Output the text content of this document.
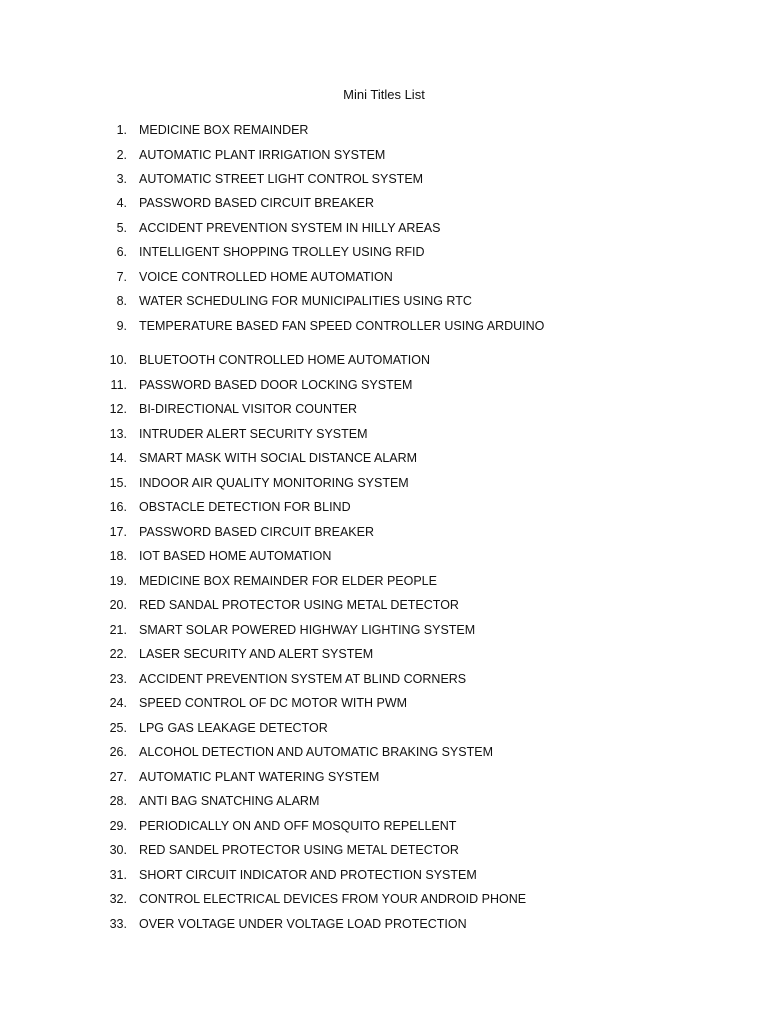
Mini Titles List
1. MEDICINE BOX REMAINDER
2. AUTOMATIC PLANT IRRIGATION SYSTEM
3. AUTOMATIC STREET LIGHT CONTROL SYSTEM
4. PASSWORD BASED CIRCUIT BREAKER
5. ACCIDENT PREVENTION SYSTEM IN HILLY AREAS
6. INTELLIGENT SHOPPING TROLLEY USING RFID
7. VOICE CONTROLLED HOME AUTOMATION
8. WATER SCHEDULING FOR MUNICIPALITIES USING RTC
9. TEMPERATURE BASED FAN SPEED CONTROLLER USING ARDUINO
10. BLUETOOTH CONTROLLED HOME AUTOMATION
11. PASSWORD BASED DOOR LOCKING SYSTEM
12. BI-DIRECTIONAL VISITOR COUNTER
13. INTRUDER ALERT SECURITY SYSTEM
14. SMART MASK WITH SOCIAL DISTANCE ALARM
15. INDOOR AIR QUALITY MONITORING SYSTEM
16. OBSTACLE DETECTION FOR BLIND
17. PASSWORD BASED CIRCUIT BREAKER
18. IOT BASED HOME AUTOMATION
19. MEDICINE BOX REMAINDER FOR ELDER PEOPLE
20. RED SANDAL PROTECTOR USING METAL DETECTOR
21. SMART SOLAR POWERED HIGHWAY LIGHTING SYSTEM
22. LASER SECURITY AND ALERT SYSTEM
23. ACCIDENT PREVENTION SYSTEM AT BLIND CORNERS
24. SPEED CONTROL OF DC MOTOR WITH PWM
25. LPG GAS LEAKAGE DETECTOR
26. ALCOHOL DETECTION AND AUTOMATIC BRAKING SYSTEM
27. AUTOMATIC PLANT WATERING SYSTEM
28. ANTI BAG SNATCHING ALARM
29. PERIODICALLY ON AND OFF MOSQUITO REPELLENT
30. RED SANDEL PROTECTOR USING METAL DETECTOR
31. SHORT CIRCUIT INDICATOR AND PROTECTION SYSTEM
32. CONTROL ELECTRICAL DEVICES FROM YOUR ANDROID PHONE
33. OVER VOLTAGE UNDER VOLTAGE LOAD PROTECTION
